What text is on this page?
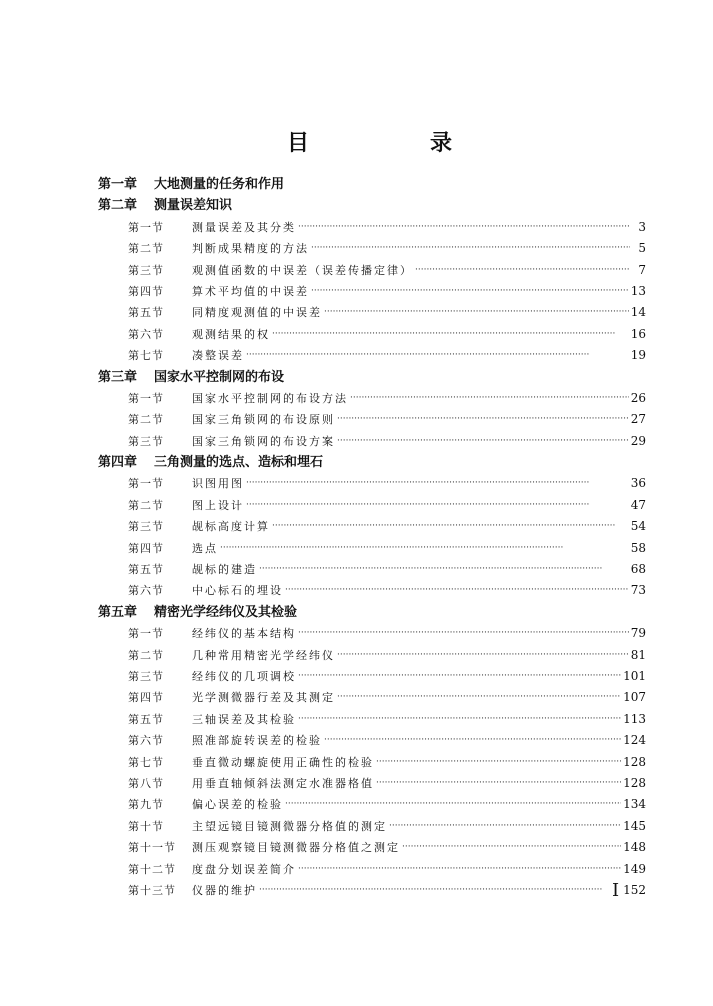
目	录
第一章 大地测量的任务和作用
第二章 测量误差知识
第一节	测量误差及其分类 ·····	3
第二节	判断成果精度的方法 ·····	5
第三节	观测值函数的中误差（误差传播定律） ·····	7
第四节	算术平均值的中误差 ·····	13
第五节	同精度观测值的中误差 ·····	14
第六节	观测结果的权 ·····	16
第七节	凑整误差 ·····	19
第三章 国家水平控制网的布设
第一节	国家水平控制网的布设方法 ·····	26
第二节	国家三角锁网的布设原则 ·····	27
第三节	国家三角锁网的布设方案 ·····	29
第四章 三角测量的选点、造标和埋石
第一节	识图用图 ·····	36
第二节	图上设计 ·····	47
第三节	觇标高度计算 ·····	54
第四节	选点 ·····	58
第五节	觇标的建造 ·····	68
第六节	中心标石的埋设 ·····	73
第五章 精密光学经纬仪及其检验
第一节	经纬仪的基本结构 ·····	79
第二节	几种常用精密光学经纬仪 ·····	81
第三节	经纬仪的几项调校 ·····	101
第四节	光学测微器行差及其测定 ·····	107
第五节	三轴误差及其检验 ·····	113
第六节	照准部旋转误差的检验 ·····	124
第七节	垂直微动螺旋使用正确性的检验 ·····	128
第八节	用垂直轴倾斜法测定水准器格值 ·····	128
第九节	偏心误差的检验 ·····	134
第十节	主望远镜目镜测微器分格值的测定 ·····	145
第十一节	测压观察镜目镜测微器分格值之测定 ·····	148
第十二节	度盘分划误差简介 ·····	149
第十三节	仪器的维护 ·····	152
I
